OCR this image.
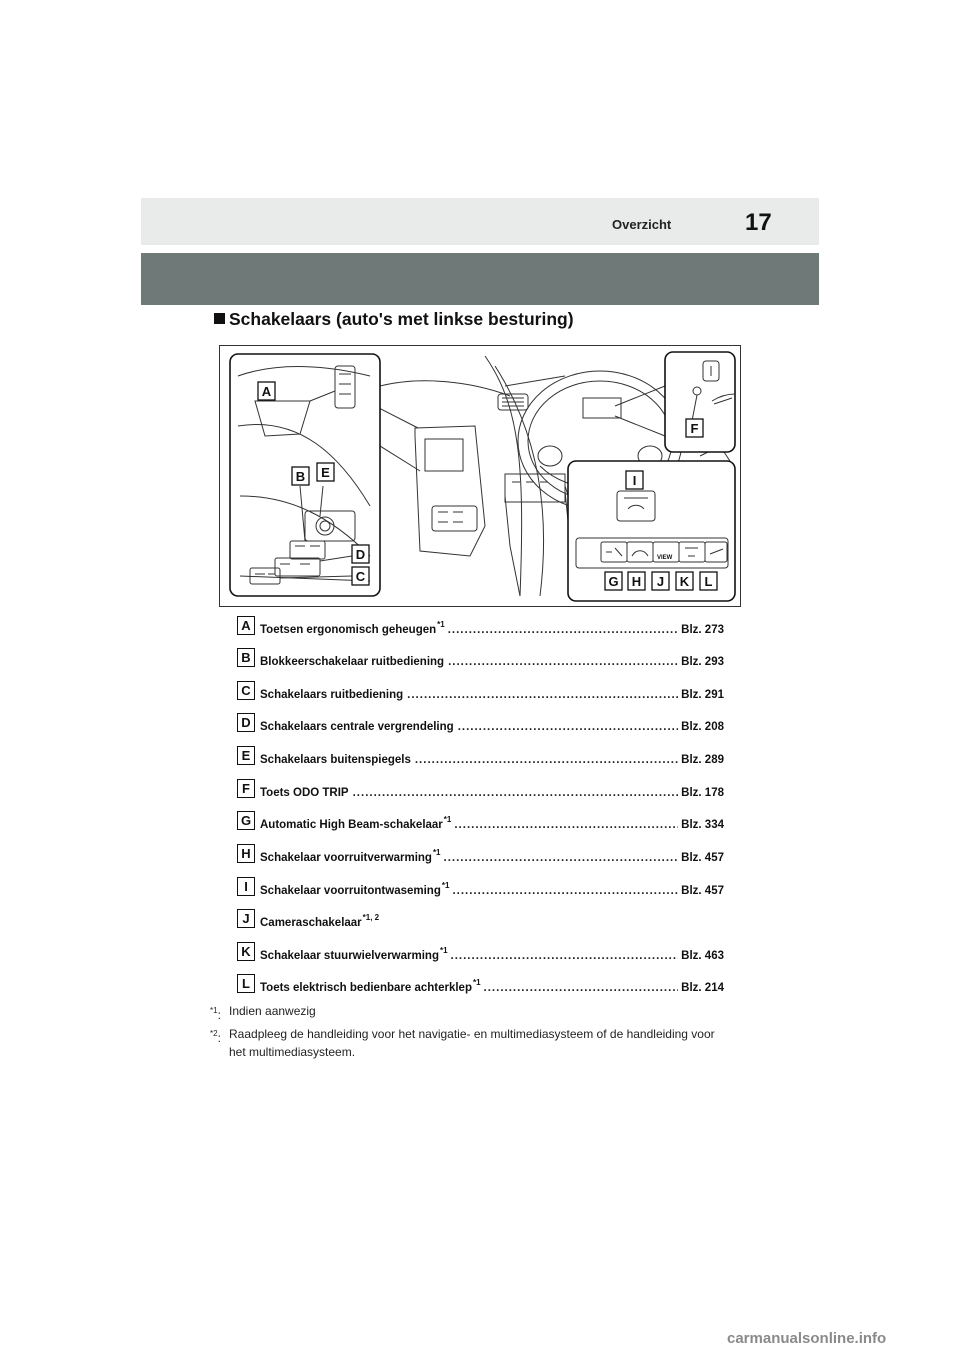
Overzicht	17
Schakelaars (auto's met linkse besturing)
VIEW
A
B
C
D
E
F
G H
I
J K L
A Toetsen ergonomisch geheugen$^{*1}$ .....	Blz. 273
B Blokkeerschakelaar ruitbediening .....	Blz. 293
C Schakelaars ruitbediening .....	Blz. 291
D Schakelaars centrale vergrendeling .....	Blz. 208
E Schakelaars buitenspiegels .....	Blz. 289
F Toets ODO TRIP .....	Blz. 178
G Automatic High Beam-schakelaar$^{*1}$ .....	Blz. 334
H Schakelaar voorruitverwarming$^{*1}$ .....	Blz. 457
I	Schakelaar voorruitontwaseming$^{*1}$ .....	Blz. 457
J Cameraschakelaar$^{*1, 2}$
K Schakelaar stuurwielverwarming$^{*1}$ .....	Blz. 463
L Toets elektrisch bedienbare achterklep$^{*1}$ .....	Blz. 214
$^{*1}$: Indien aanwezig
$^{*2}$: Raadpleeg de handleiding voor het navigatie- en multimediasysteem of de handleiding voor het multimediasysteem.
carmanualsonline.info
